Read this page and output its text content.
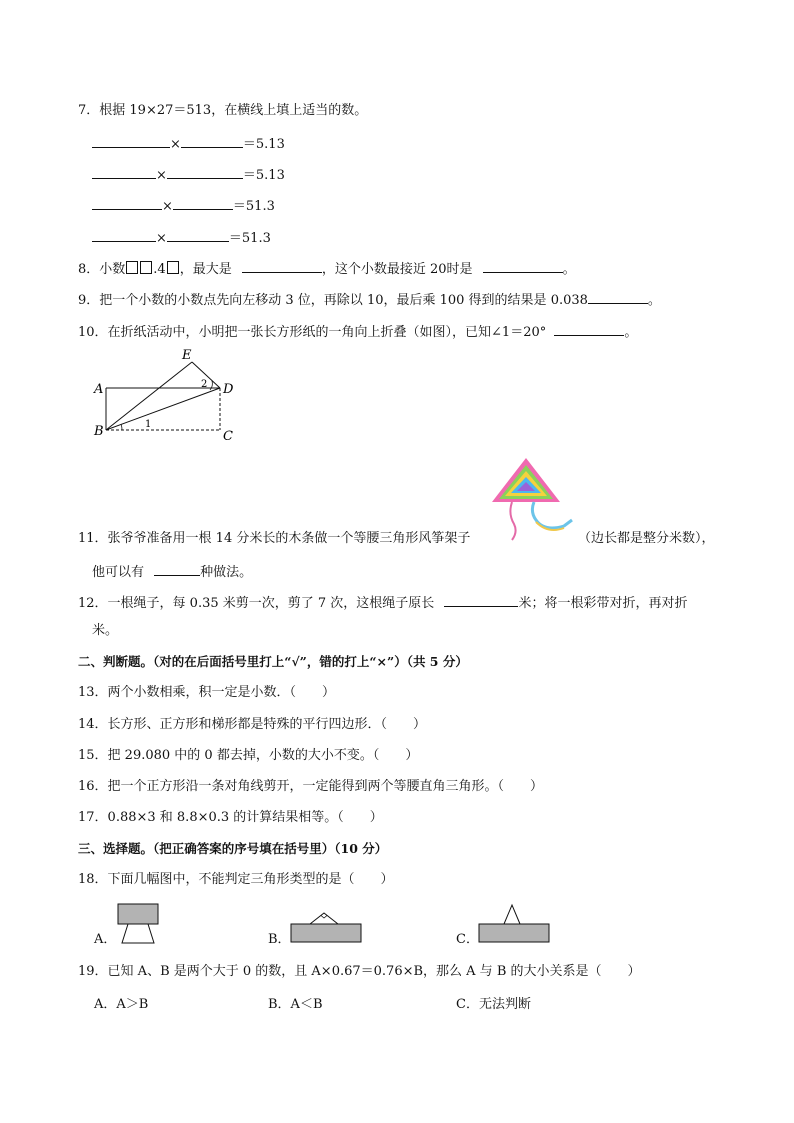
7．根据 19×27＝513，在横线上填上适当的数。
×	＝5.13
×	＝5.13
×	＝51.3
×	＝51.3
8．小数 .4 ，最大是	，这个小数最接近 20时是	。
9．把一个小数的小数点先向左移动 3 位，再除以 10，最后乘 100 得到的结果是 0.038	。
10．在折纸活动中，小明把一张长方形纸的一角向上折叠（如图），已知∠1＝20°	。
E
A	D
B	C
1
2
11．张爷爷准备用一根 14 分米长的木条做一个等腰三角形风筝架子	（边长都是整分米数），
他可以有	种做法。
12．一根绳子，每 0.35 米剪一次，剪了 7 次，这根绳子原长	米；将一根彩带对折，再对折
米。
二、判断题。（对的在后面括号里打上“√”，错的打上“×”）（共 5 分）
13．两个小数相乘，积一定是小数．（　　）
14．长方形、正方形和梯形都是特殊的平行四边形．（　　）
15．把 29.080 中的 0 都去掉，小数的大小不变。（　　）
16．把一个正方形沿一条对角线剪开，一定能得到两个等腰直角三角形。（　　）
17．0.88×3 和 8.8×0.3 的计算结果相等。（　　）
三、选择题。（把正确答案的序号填在括号里）（10 分）
18．下面几幅图中，不能判定三角形类型的是（　　）
A．	B．	C．
19．已知 A、B 是两个大于 0 的数，且 A×0.67＝0.76×B，那么 A 与 B 的大小关系是（　　）
A．A＞B	B．A＜B	C．无法判断
